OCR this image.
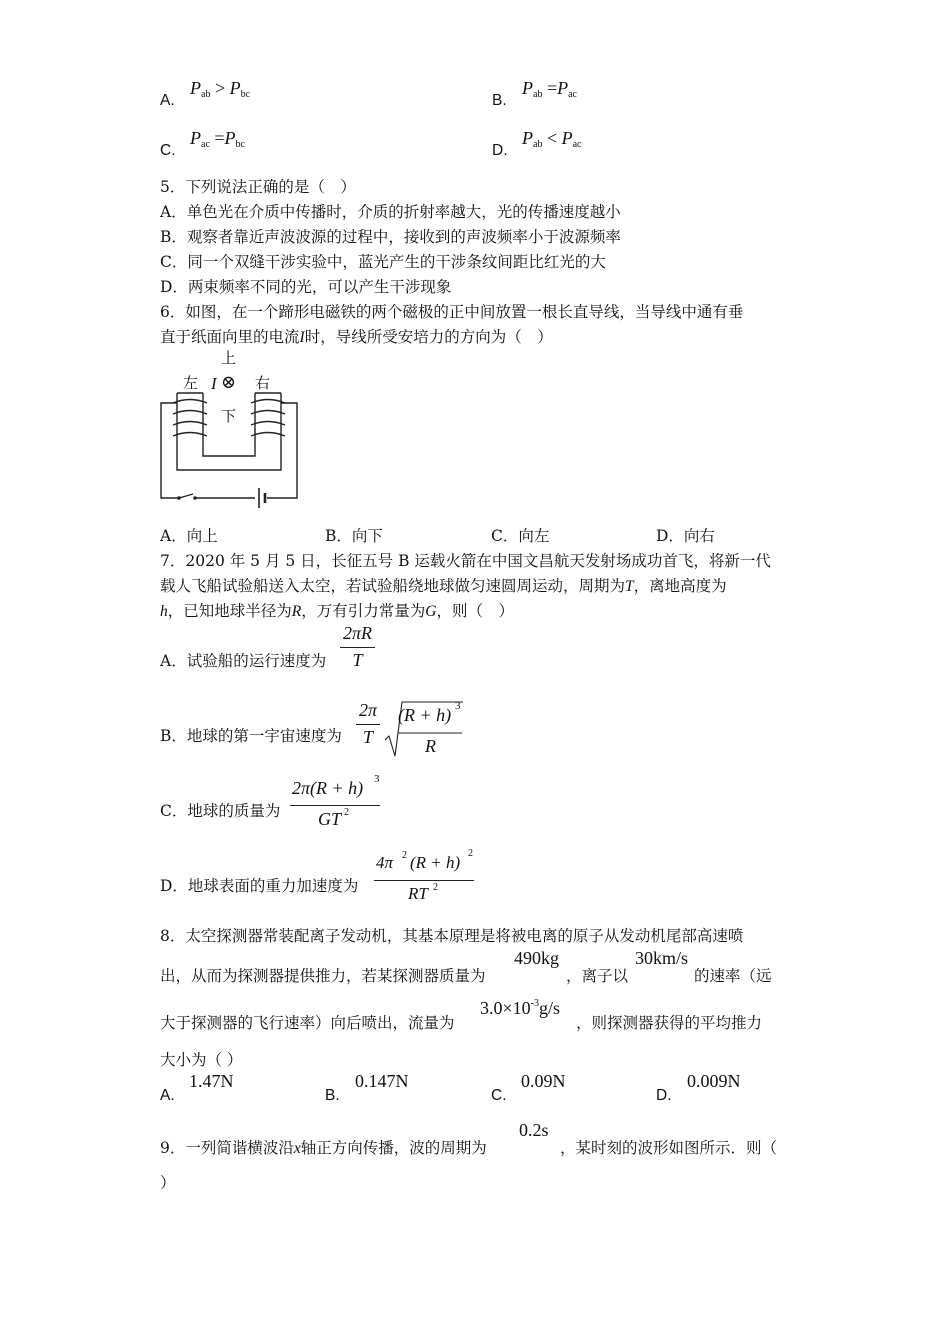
A.
Pab > Pbc	B.
Pab =Pac
C.
Pac =Pbc	D.
Pab < Pac
5．下列说法正确的是（　）
A．单色光在介质中传播时，介质的折射率越大，光的传播速度越小
B．观察者靠近声波波源的过程中，接收到的声波频率小于波源频率
C．同一个双缝干涉实验中，蓝光产生的干涉条纹间距比红光的大
D．两束频率不同的光，可以产生干涉现象
6．如图，在一个蹄形电磁铁的两个磁极的正中间放置一根长直导线，当导线中通有垂
直于纸面向里的电流I时，导线所受安培力的方向为（　）
左	右
上
下
I ⊗
A．向上	B．向下	C．向左	D．向右
7．2020 年 5 月 5 日，长征五号 B 运载火箭在中国文昌航天发射场成功首飞，将新一代
载人飞船试验船送入太空，若试验船绕地球做匀速圆周运动，周期为T，离地高度为
h，已知地球半径为R，万有引力常量为G，则（　）
A．试验船的运行速度为 $\frac{2\pi R}{T}$
B．地球的第一宇宙速度为 $\frac{2\pi}{T} (R + h)$ 3
R
C．地球的质量为
2π(R + h) 3
GT 2
D．地球表面的重力加速度为
4π 2 (R + h) 2
RT 2
8．太空探测器常装配离子发动机，其基本原理是将被电离的原子从发动机尾部高速喷
出，从而为探测器提供推力，若某探测器质量为
490kg
，离子以
30km/s
的速率（远
大于探测器的飞行速率）向后喷出，流量为
$3.0\times 10^{-3}g/s$
，则探测器获得的平均推力
大小为（ ）
A.
1.47N
B.
0.147N
C.
0.09N
D.
0.009N
9．一列简谐横波沿x轴正方向传播，波的周期为
0.2s
，某时刻的波形如图所示．则（
）
